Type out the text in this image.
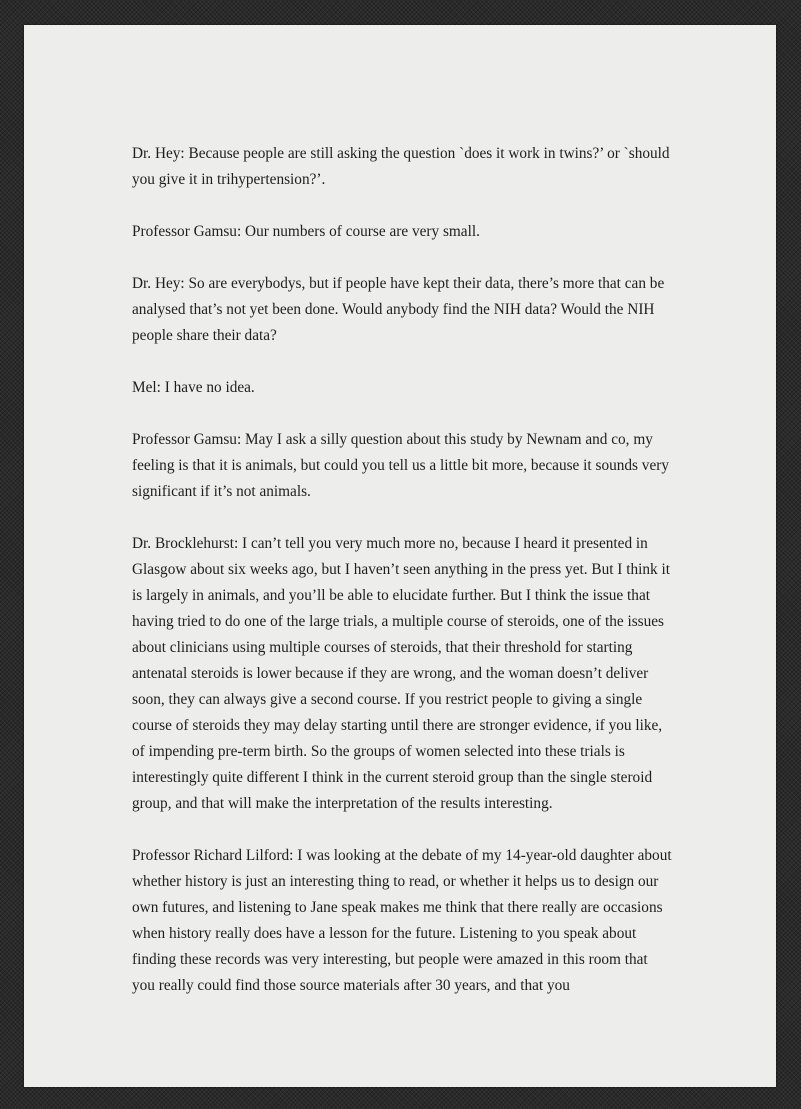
Dr. Hey: Because people are still asking the question `does it work in twins?’ or `should you give it in trihypertension?’.

Professor Gamsu: Our numbers of course are very small.

Dr. Hey: So are everybodys, but if people have kept their data, there’s more that can be analysed that’s not yet been done. Would anybody find the NIH data? Would the NIH people share their data?

Mel: I have no idea.

Professor Gamsu: May I ask a silly question about this study by Newnam and co, my feeling is that it is animals, but could you tell us a little bit more, because it sounds very significant if it’s not animals.

Dr. Brocklehurst: I can’t tell you very much more no, because I heard it presented in Glasgow about six weeks ago, but I haven’t seen anything in the press yet. But I think it is largely in animals, and you’ll be able to elucidate further. But I think the issue that having tried to do one of the large trials, a multiple course of steroids, one of the issues about clinicians using multiple courses of steroids, that their threshold for starting antenatal steroids is lower because if they are wrong, and the woman doesn’t deliver soon, they can always give a second course. If you restrict people to giving a single course of steroids they may delay starting until there are stronger evidence, if you like, of impending pre-term birth. So the groups of women selected into these trials is interestingly quite different I think in the current steroid group than the single steroid group, and that will make the interpretation of the results interesting.

Professor Richard Lilford: I was looking at the debate of my 14-year-old daughter about whether history is just an interesting thing to read, or whether it helps us to design our own futures, and listening to Jane speak makes me think that there really are occasions when history really does have a lesson for the future. Listening to you speak about finding these records was very interesting, but people were amazed in this room that you really could find those source materials after 30 years, and that you
